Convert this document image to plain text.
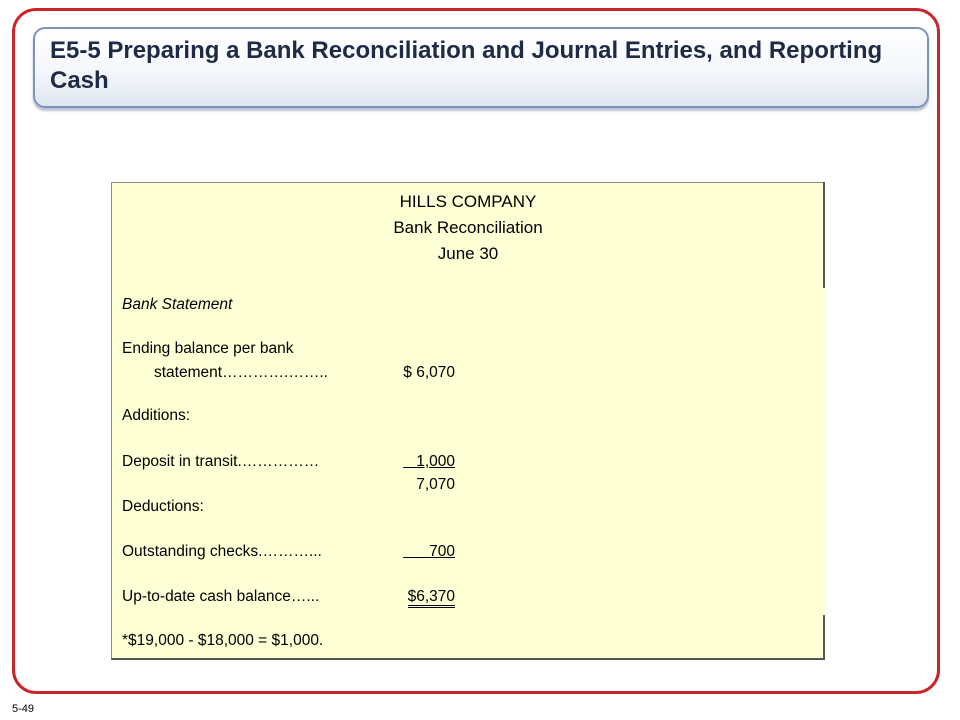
E5-5 Preparing a Bank Reconciliation and Journal Entries, and Reporting Cash
HILLS COMPANY
Bank Reconciliation
June 30
Bank Statement
Ending balance per bank
statement………….……..	$ 6,070
Additions:
Deposit in transit.……………	1,000
7,070
Deductions:
Outstanding checks.………...	700
Up-to-date cash balance…...	$6,370
*$19,000 - $18,000 = $1,000.
5-49
